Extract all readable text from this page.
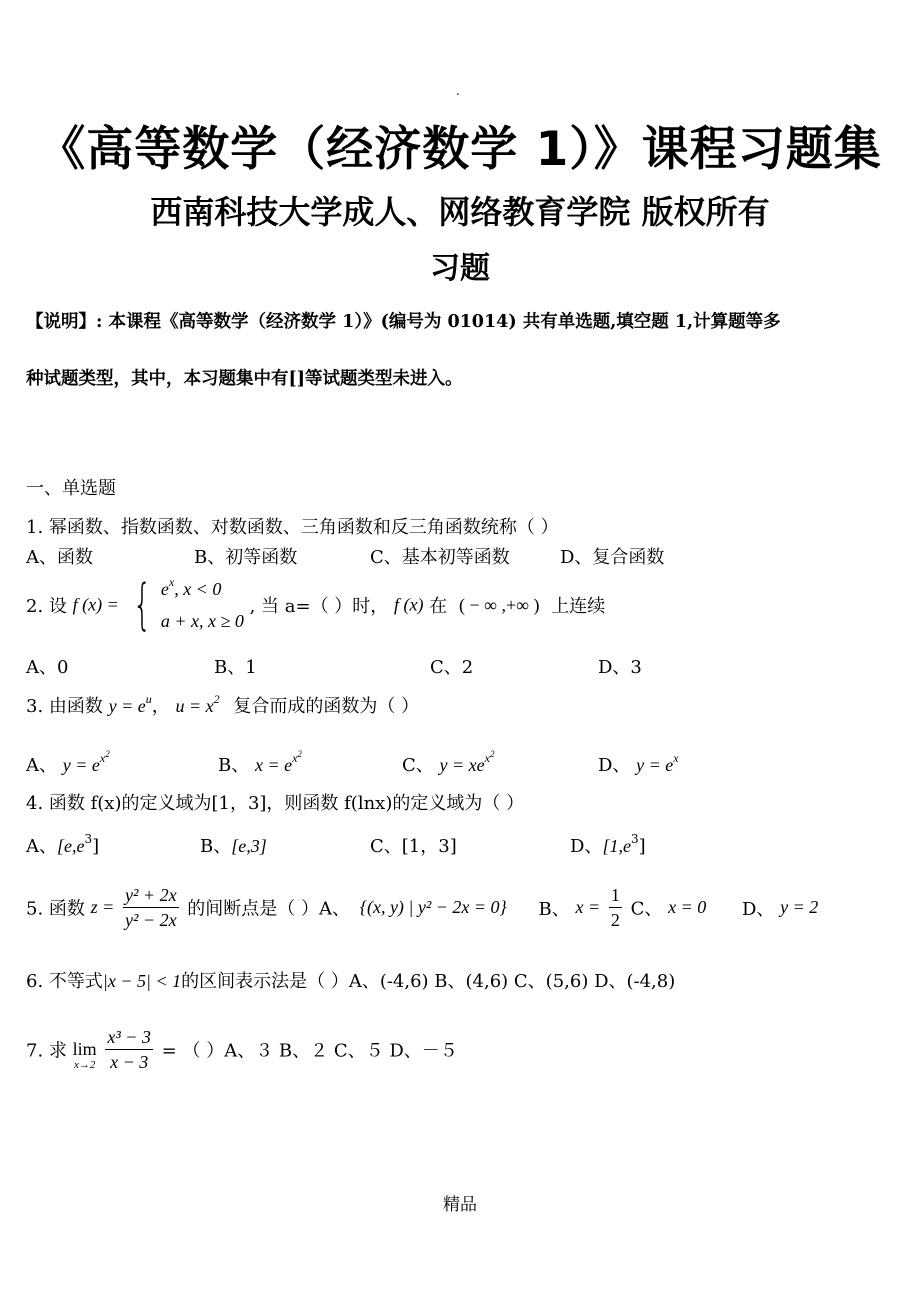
.
《高等数学（经济数学 1）》课程习题集
西南科技大学成人、网络教育学院 版权所有
习题
【说明】: 本课程《高等数学（经济数学 1）》(编号为 01014) 共有单选题,填空题 1,计算题等多
种试题类型，其中，本习题集中有[]等试题类型未进入。
一、单选题
1. 幂函数、指数函数、对数函数、三角函数和反三角函数统称（ ）
A、函数	B、初等函数	C、基本初等函数	D、复合函数
2. 设 f (x) = { $e^x$, x < 0
a + x, x ≥ 0
, 当 a=（ ）时， f (x) 在 ( − ∞ ,+∞ ) 上连续
A、0	B、1	C、2	D、3
3. 由函数 $y = e^u$， $u = x^2$ 复合而成的函数为（ ）
A、 $y = e^{x2}$
B、 $x = e^{x2}$
C、 $y = xe^{x2}$
D、 $y = e^x$
4. 函数 f(x)的定义域为[1，3]，则函数 f(lnx)的定义域为（ ）
A、$[e,e^3]$	B、[e,3]	C、[1，3]	D、$[1,e^3]$
5. 函数 $z = \frac{\text{y² + 2x}}{\text{y² − 2x}}$ 的间断点是（ ）A、 {(x, y) | y² − 2x = 0} B、 $x = \frac{1}{2}$ C、 x = 0 D、 y = 2
6. 不等式|x − 5| < 1的区间表示法是（ ）A、(-4,6) B、(4,6) C、(5,6) D、(-4,8)
7. 求 lim
x→2
$\frac{\text{x³ − 3}}{x - 3}$ = （ ）A、３ B、２ C、５ D、－５
精品
